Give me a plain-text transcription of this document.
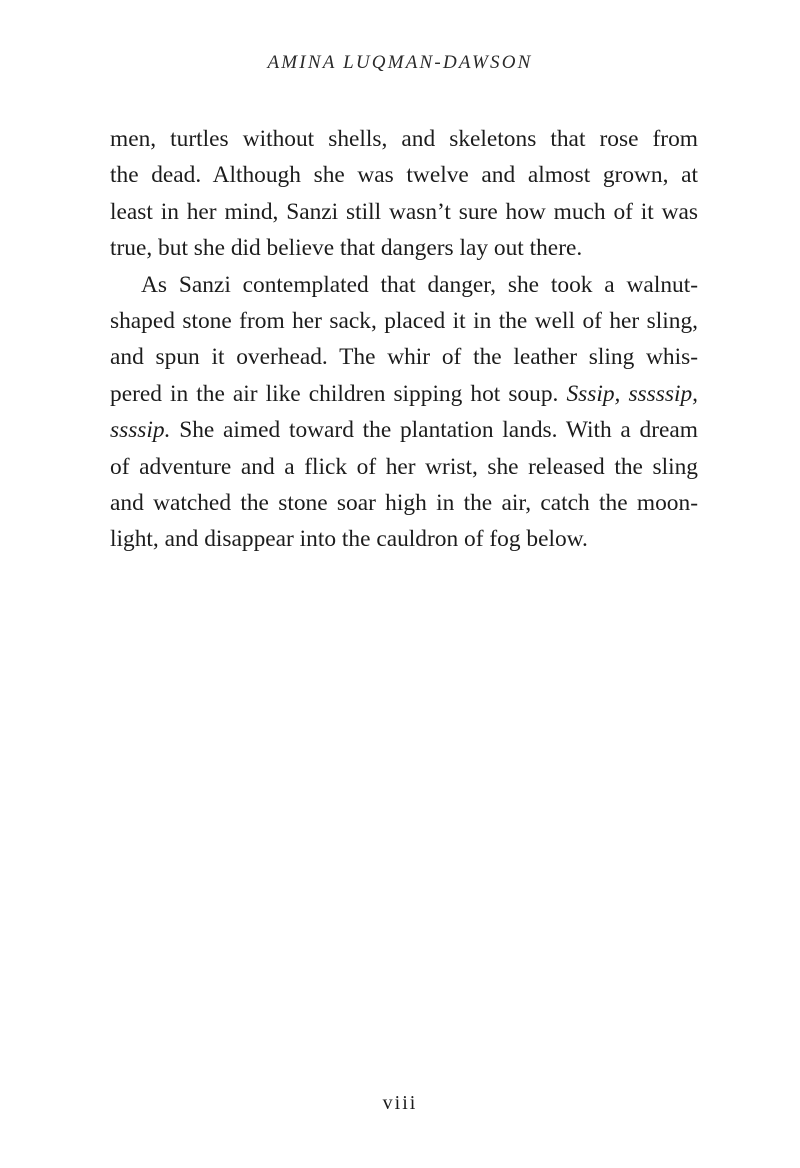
AMINA LUQMAN-DAWSON
men, turtles without shells, and skeletons that rose from
the dead. Although she was twelve and almost grown, at
least in her mind, Sanzi still wasn’t sure how much of it was
true, but she did believe that dangers lay out there.
As Sanzi contemplated that danger, she took a walnut-
shaped stone from her sack, placed it in the well of her sling,
and spun it overhead. The whir of the leather sling whis-
pered in the air like children sipping hot soup. Sssip, sssssip,
ssssip. She aimed toward the plantation lands. With a dream
of adventure and a flick of her wrist, she released the sling
and watched the stone soar high in the air, catch the moon-
light, and disappear into the cauldron of fog below.
viii
